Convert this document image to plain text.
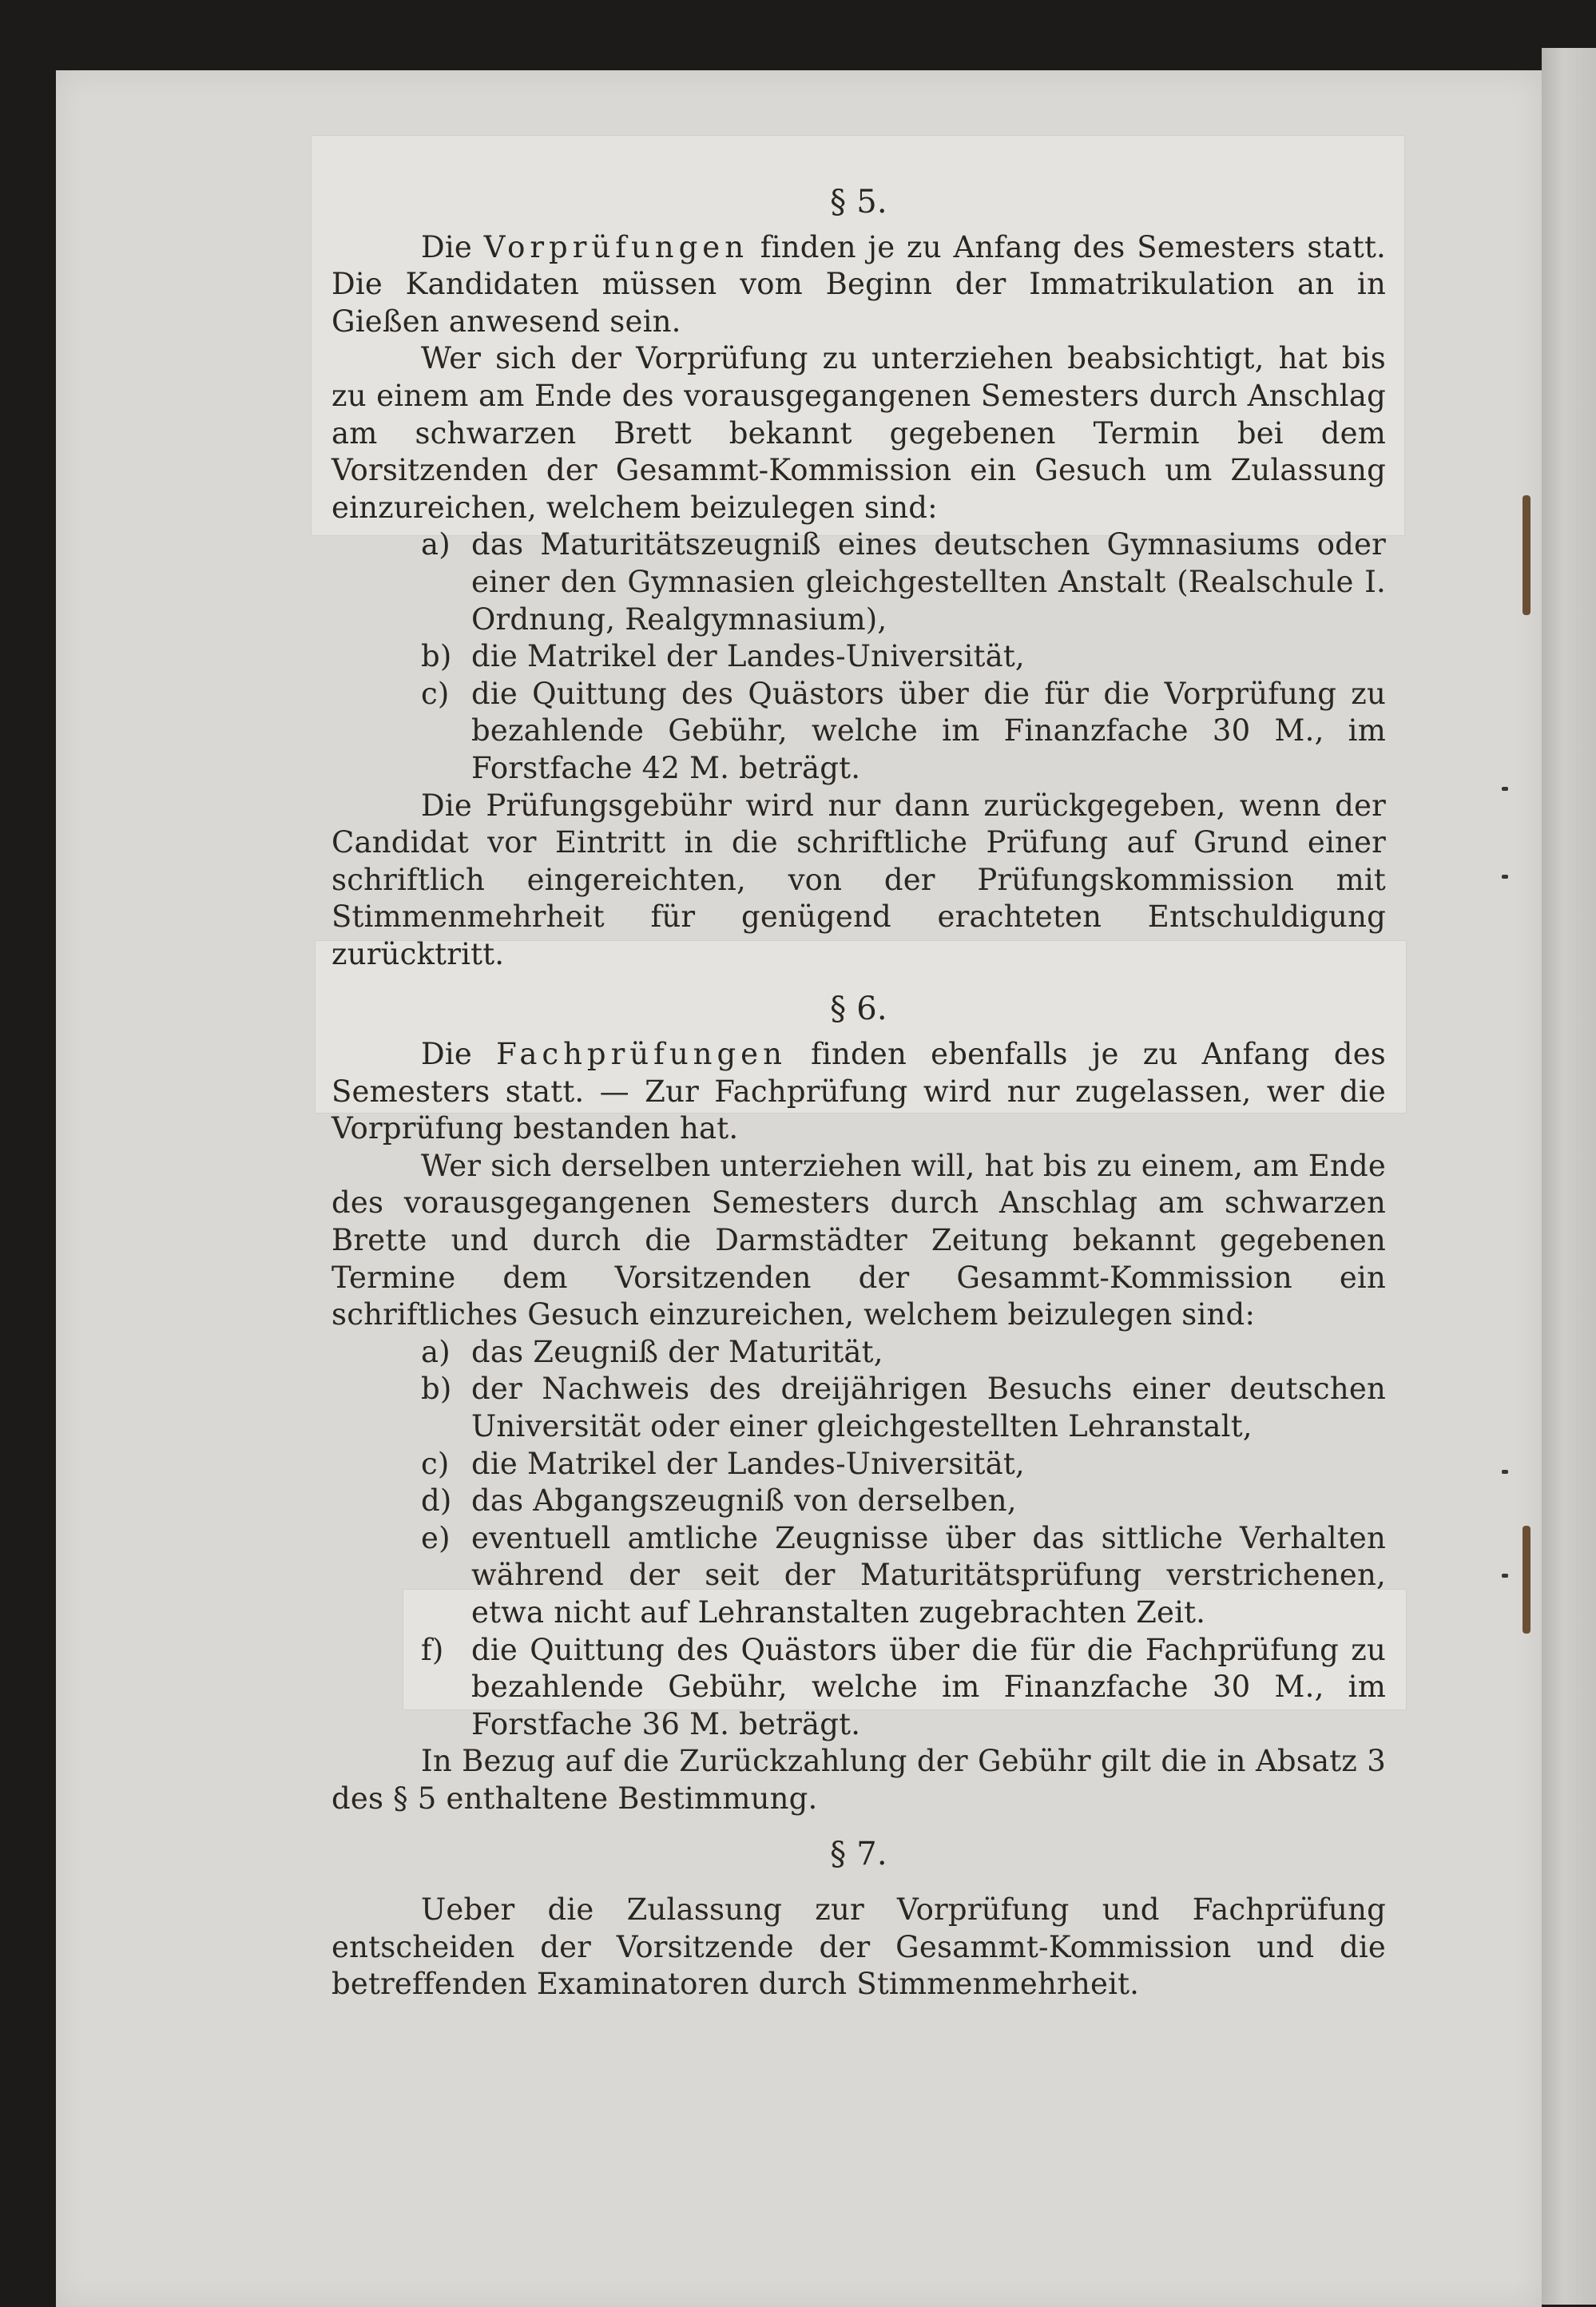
§ 5.

Die Vorprüfungen finden je zu Anfang des Semesters statt. Die Kandidaten müssen vom Beginn der Immatrikulation an in Gießen anwesend sein.

Wer sich der Vorprüfung zu unterziehen beabsichtigt, hat bis zu einem am Ende des vorausgegangenen Semesters durch Anschlag am schwarzen Brett bekannt gegebenen Termin bei dem Vorsitzenden der Gesammt-Kommission ein Gesuch um Zulassung einzureichen, welchem beizulegen sind:

a) das Maturitätszeugniß eines deutschen Gymnasiums oder einer den Gymnasien gleichgestellten Anstalt (Realschule I. Ordnung, Realgymnasium),
b) die Matrikel der Landes-Universität,
c) die Quittung des Quästors über die für die Vorprüfung zu bezahlende Gebühr, welche im Finanzfache 30 M., im Forstfache 42 M. beträgt.

Die Prüfungsgebühr wird nur dann zurückgegeben, wenn der Candidat vor Eintritt in die schriftliche Prüfung auf Grund einer schriftlich eingereichten, von der Prüfungskommission mit Stimmenmehrheit für genügend erachteten Entschuldigung zurücktritt.

§ 6.

Die Fachprüfungen finden ebenfalls je zu Anfang des Semesters statt. — Zur Fachprüfung wird nur zugelassen, wer die Vorprüfung bestanden hat.

Wer sich derselben unterziehen will, hat bis zu einem, am Ende des vorausgegangenen Semesters durch Anschlag am schwarzen Brette und durch die Darmstädter Zeitung bekannt gegebenen Termine dem Vorsitzenden der Gesammt-Kommission ein schriftliches Gesuch einzureichen, welchem beizulegen sind:

a) das Zeugniß der Maturität,
b) der Nachweis des dreijährigen Besuchs einer deutschen Universität oder einer gleichgestellten Lehranstalt,
c) die Matrikel der Landes-Universität,
d) das Abgangszeugniß von derselben,
e) eventuell amtliche Zeugnisse über das sittliche Verhalten während der seit der Maturitätsprüfung verstrichenen, etwa nicht auf Lehranstalten zugebrachten Zeit.
f) die Quittung des Quästors über die für die Fachprüfung zu bezahlende Gebühr, welche im Finanzfache 30 M., im Forstfache 36 M. beträgt.

In Bezug auf die Zurückzahlung der Gebühr gilt die in Absatz 3 des § 5 enthaltene Bestimmung.

§ 7.

Ueber die Zulassung zur Vorprüfung und Fachprüfung entscheiden der Vorsitzende der Gesammt-Kommission und die betreffenden Examinatoren durch Stimmenmehrheit.
